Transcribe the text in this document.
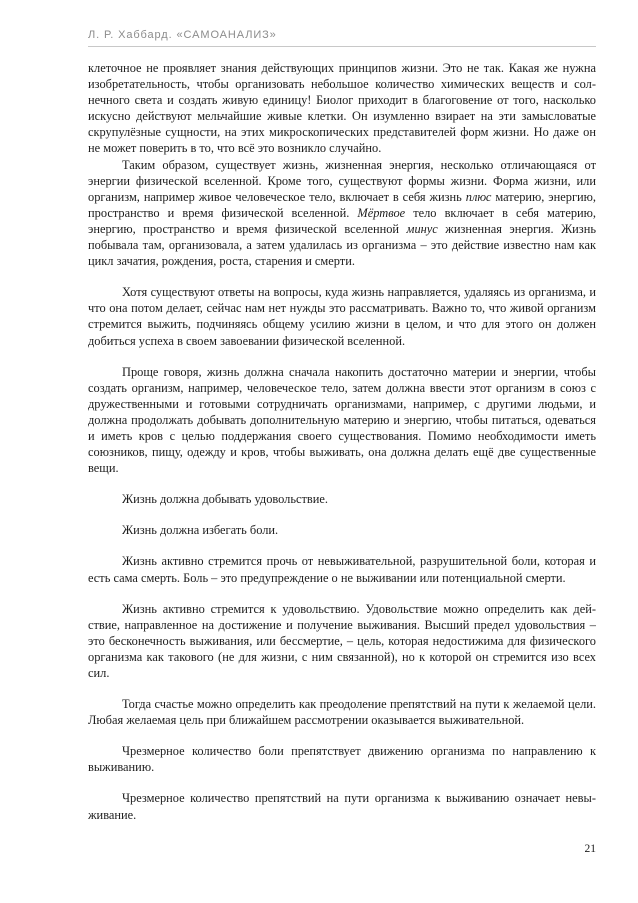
Л. Р. Хаббард. «САМОАНАЛИЗ»

клеточное не проявляет знания действующих принципов жизни. Это не так. Какая же нужна изобретательность, чтобы организовать небольшое количество химических веществ и солнечного света и создать живую единицу! Биолог приходит в благоговение от того, насколько искусно действуют мельчайшие живые клетки. Он изумленно взирает на эти замысловатые скрупулёзные сущности, на этих микроскопических представителей форм жизни. Но даже он не может поверить в то, что всё это возникло случайно.

Таким образом, существует жизнь, жизненная энергия, несколько отличающаяся от энергии физической вселенной. Кроме того, существуют формы жизни. Форма жизни, или организм, например живое человеческое тело, включает в себя жизнь плюс материю, энергию, пространство и время физической вселенной. Мёртвое тело включает в себя материю, энергию, пространство и время физической вселенной минус жизненная энергия. Жизнь побывала там, организовала, а затем удалилась из организма – это действие известно нам как цикл зачатия, рождения, роста, старения и смерти.

Хотя существуют ответы на вопросы, куда жизнь направляется, удаляясь из организма, и что она потом делает, сейчас нам нет нужды это рассматривать. Важно то, что живой организм стремится выжить, подчиняясь общему усилию жизни в целом, и что для этого он должен добиться успеха в своем завоевании физической вселенной.

Проще говоря, жизнь должна сначала накопить достаточно материи и энергии, чтобы создать организм, например, человеческое тело, затем должна ввести этот организм в союз с дружественными и готовыми сотрудничать организмами, например, с другими людьми, и должна продолжать добывать дополнительную материю и энергию, чтобы питаться, одеваться и иметь кров с целью поддержания своего существования. Помимо необходимости иметь союзников, пищу, одежду и кров, чтобы выживать, она должна делать ещё две существенные вещи.

Жизнь должна добывать удовольствие.

Жизнь должна избегать боли.

Жизнь активно стремится прочь от невыживательной, разрушительной боли, которая и есть сама смерть. Боль – это предупреждение о не выживании или потенциальной смерти.

Жизнь активно стремится к удовольствию. Удовольствие можно определить как действие, направленное на достижение и получение выживания. Высший предел удовольствия – это бесконечность выживания, или бессмертие, – цель, которая недостижима для физического организма как такового (не для жизни, с ним связанной), но к которой он стремится изо всех сил.

Тогда счастье можно определить как преодоление препятствий на пути к желаемой цели. Любая желаемая цель при ближайшем рассмотрении оказывается выживательной.

Чрезмерное количество боли препятствует движению организма по направлению к выживанию.

Чрезмерное количество препятствий на пути организма к выживанию означает невыживание.

21
